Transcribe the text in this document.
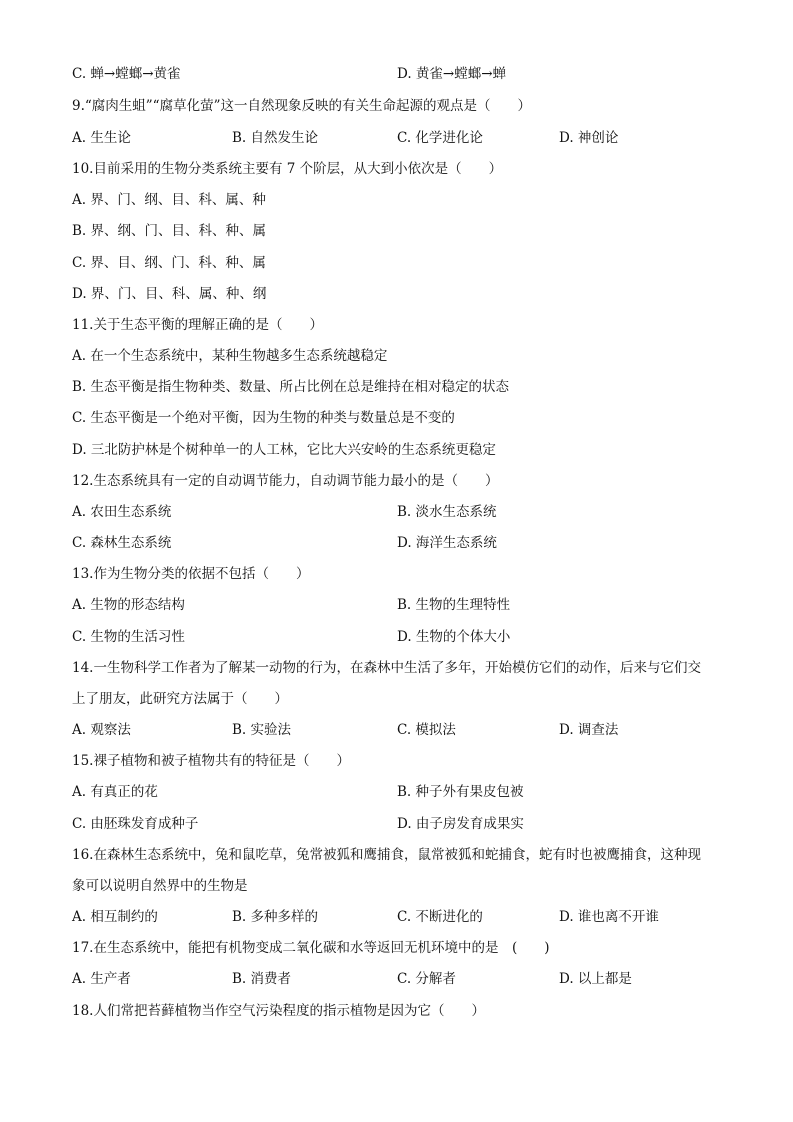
C. 蝉→螳螂→黄雀	D. 黄雀→螳螂→蝉
9.“腐肉生蛆”“腐草化萤”这一自然现象反映的有关生命起源的观点是（　　）
A. 生生论	B. 自然发生论	C. 化学进化论	D. 神创论
10.目前采用的生物分类系统主要有 7 个阶层，从大到小依次是（　　）
A. 界、门、纲、目、科、属、种
B. 界、纲、门、目、科、种、属
C. 界、目、纲、门、科、种、属
D. 界、门、目、科、属、种、纲
11.关于生态平衡的理解正确的是（　　）
A. 在一个生态系统中，某种生物越多生态系统越稳定
B. 生态平衡是指生物种类、数量、所占比例在总是维持在相对稳定的状态
C. 生态平衡是一个绝对平衡，因为生物的种类与数量总是不变的
D. 三北防护林是个树种单一的人工林，它比大兴安岭的生态系统更稳定
12.生态系统具有一定的自动调节能力，自动调节能力最小的是（　　）
A. 农田生态系统	B. 淡水生态系统
C. 森林生态系统	D. 海洋生态系统
13.作为生物分类的依据不包括（　　）
A. 生物的形态结构	B. 生物的生理特性
C. 生物的生活习性	D. 生物的个体大小
14.一生物科学工作者为了解某一动物的行为，在森林中生活了多年，开始模仿它们的动作，后来与它们交
上了朋友，此研究方法属于（　　）
A. 观察法	B. 实验法	C. 模拟法	D. 调查法
15.裸子植物和被子植物共有的特征是（　　）
A. 有真正的花	B. 种子外有果皮包被
C. 由胚珠发育成种子	D. 由子房发育成果实
16.在森林生态系统中，兔和鼠吃草，兔常被狐和鹰捕食，鼠常被狐和蛇捕食，蛇有时也被鹰捕食，这种现
象可以说明自然界中的生物是
A. 相互制约的	B. 多种多样的	C. 不断进化的	D. 谁也离不开谁
17.在生态系统中，能把有机物变成二氧化碳和水等返回无机环境中的是　(　　)
A. 生产者	B. 消费者	C. 分解者	D. 以上都是
18.人们常把苔藓植物当作空气污染程度的指示植物是因为它（　　）
